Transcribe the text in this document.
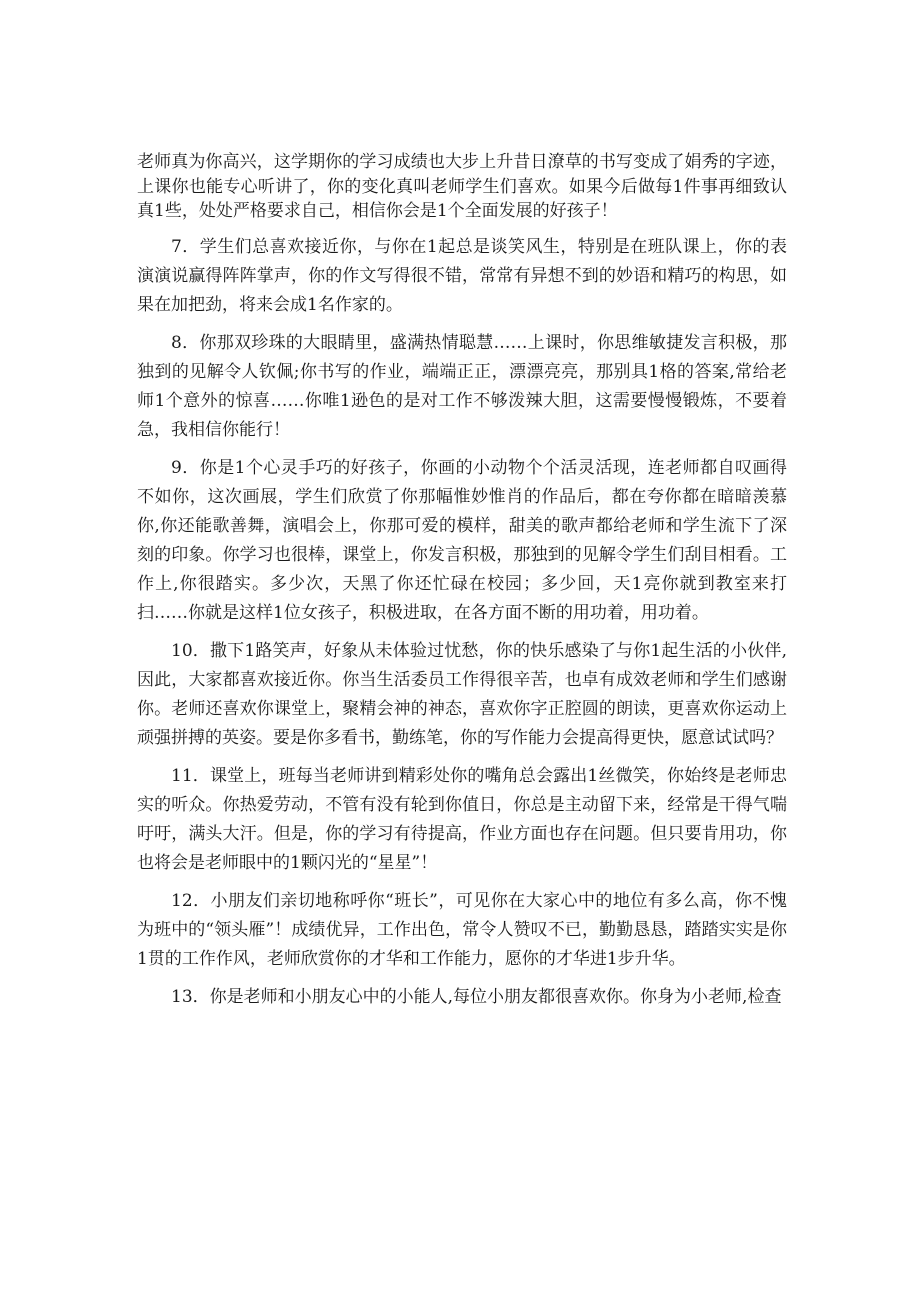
老师真为你高兴，这学期你的学习成绩也大步上升昔日潦草的书写变成了娟秀的字迹，上课你也能专心听讲了，你的变化真叫老师学生们喜欢。如果今后做每1件事再细致认真1些，处处严格要求自己，相信你会是1个全面发展的好孩子！

7．学生们总喜欢接近你，与你在1起总是谈笑风生，特别是在班队课上，你的表演演说赢得阵阵掌声，你的作文写得很不错，常常有异想不到的妙语和精巧的构思，如果在加把劲，将来会成1名作家的。

8．你那双珍珠的大眼睛里，盛满热情聪慧……上课时，你思维敏捷发言积极，那独到的见解令人钦佩;你书写的作业，端端正正，漂漂亮亮，那别具1格的答案,常给老师1个意外的惊喜……你唯1逊色的是对工作不够泼辣大胆，这需要慢慢锻炼，不要着急，我相信你能行！

9．你是1个心灵手巧的好孩子，你画的小动物个个活灵活现，连老师都自叹画得不如你，这次画展，学生们欣赏了你那幅惟妙惟肖的作品后，都在夸你都在暗暗羡慕你,你还能歌善舞，演唱会上，你那可爱的模样，甜美的歌声都给老师和学生流下了深刻的印象。你学习也很棒，课堂上，你发言积极，那独到的见解令学生们刮目相看。工作上,你很踏实。多少次，天黑了你还忙碌在校园；多少回，天1亮你就到教室来打扫……你就是这样1位女孩子，积极进取，在各方面不断的用功着，用功着。

10．撒下1路笑声，好象从未体验过忧愁，你的快乐感染了与你1起生活的小伙伴,因此，大家都喜欢接近你。你当生活委员工作得很辛苦，也卓有成效老师和学生们感谢你。老师还喜欢你课堂上，聚精会神的神态，喜欢你字正腔圆的朗读，更喜欢你运动上顽强拼搏的英姿。要是你多看书，勤练笔，你的写作能力会提高得更快，愿意试试吗？

11．课堂上，班每当老师讲到精彩处你的嘴角总会露出1丝微笑，你始终是老师忠实的听众。你热爱劳动，不管有没有轮到你值日，你总是主动留下来，经常是干得气喘吁吁，满头大汗。但是，你的学习有待提高，作业方面也存在问题。但只要肯用功，你也将会是老师眼中的1颗闪光的“星星”！

12．小朋友们亲切地称呼你“班长”，可见你在大家心中的地位有多么高，你不愧为班中的“领头雁”！成绩优异，工作出色，常令人赞叹不已，勤勤恳恳，踏踏实实是你1贯的工作作风，老师欣赏你的才华和工作能力，愿你的才华进1步升华。

13．你是老师和小朋友心中的小能人,每位小朋友都很喜欢你。你身为小老师,检查
